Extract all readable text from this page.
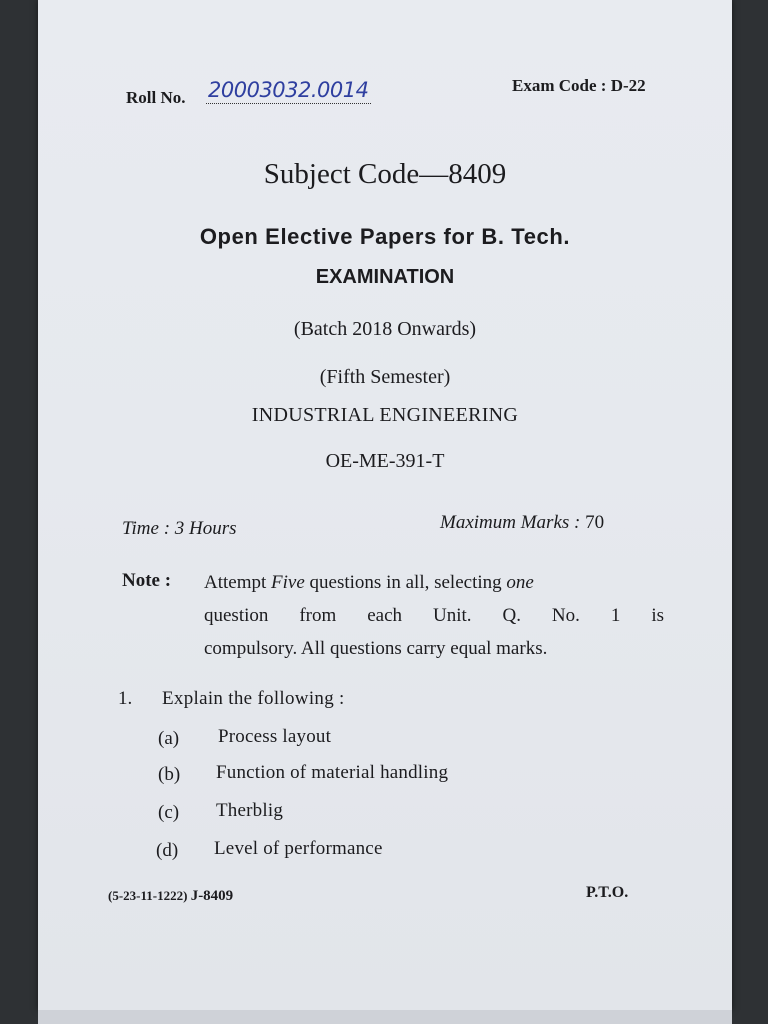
Roll No. 20003032.0014	Exam Code : D-22
Subject Code—8409
Open Elective Papers for B. Tech.
EXAMINATION
(Batch 2018 Onwards)
(Fifth Semester)
INDUSTRIAL ENGINEERING
OE-ME-391-T
Time : 3 Hours	Maximum Marks : 70
Note : Attempt Five questions in all, selecting one
question from each Unit. Q. No. 1 is
compulsory. All questions carry equal marks.
1. Explain the following :
(a) Process layout
(b) Function of material handling
(c) Therblig
(d) Level of performance
(5-23-11-1222) J-8409	P.T.O.
